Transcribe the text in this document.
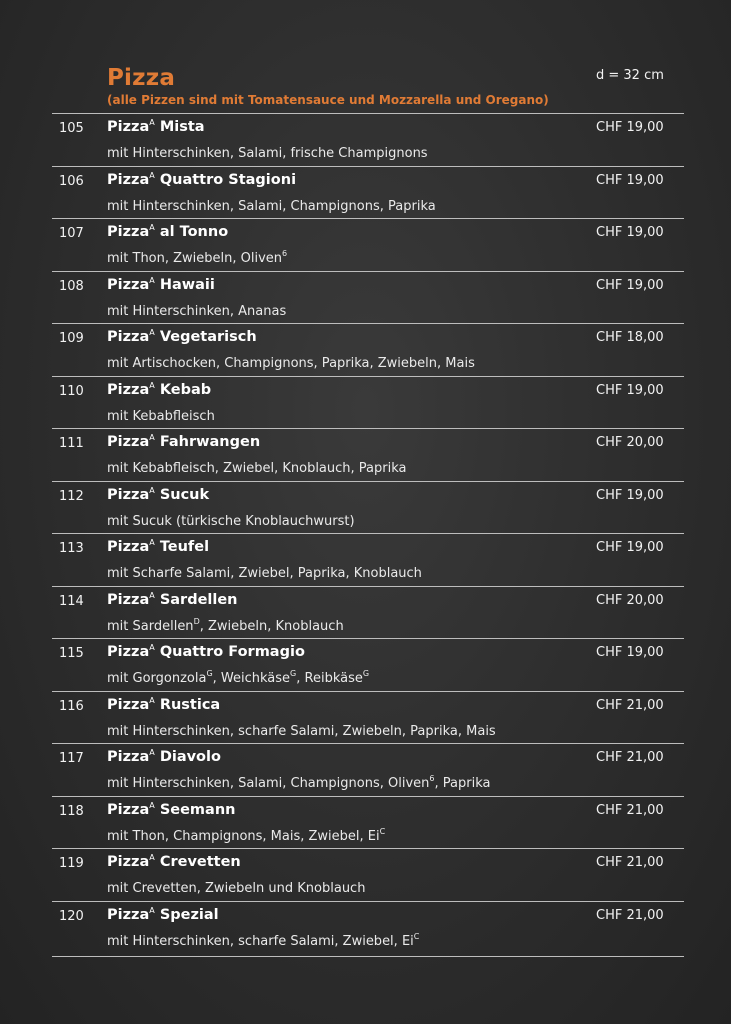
Pizza
(alle Pizzen sind mit Tomatensauce und Mozzarella und Oregano)
d = 32 cm
105 Pizza$^A$ Mista
mit Hinterschinken, Salami, frische Champignons
CHF 19,00
106 Pizza$^A$ Quattro Stagioni
mit Hinterschinken, Salami, Champignons, Paprika
CHF 19,00
107 Pizza$^A$ al Tonno
mit Thon, Zwiebeln, Oliven$^6$
CHF 19,00
108 Pizza$^A$ Hawaii
mit Hinterschinken, Ananas
CHF 19,00
109 Pizza$^A$ Vegetarisch
mit Artischocken, Champignons, Paprika, Zwiebeln, Mais
CHF 18,00
110 Pizza$^A$ Kebab
mit Kebabfleisch
CHF 19,00
111 Pizza$^A$ Fahrwangen
mit Kebabfleisch, Zwiebel, Knoblauch, Paprika
CHF 20,00
112 Pizza$^A$ Sucuk
mit Sucuk (türkische Knoblauchwurst)
CHF 19,00
113 Pizza$^A$ Teufel
mit Scharfe Salami, Zwiebel, Paprika, Knoblauch
CHF 19,00
114 Pizza$^A$ Sardellen
mit Sardellen$^D$, Zwiebeln, Knoblauch
CHF 20,00
115 Pizza$^A$ Quattro Formagio
mit Gorgonzola$^G$, Weichkäse$^G$, Reibkäse$^G$
CHF 19,00
116 Pizza$^A$ Rustica
mit Hinterschinken, scharfe Salami, Zwiebeln, Paprika, Mais
CHF 21,00
117 Pizza$^A$ Diavolo
mit Hinterschinken, Salami, Champignons, Oliven$^6$, Paprika
CHF 21,00
118 Pizza$^A$ Seemann
mit Thon, Champignons, Mais, Zwiebel, $Ei^C$
CHF 21,00
119 Pizza$^A$ Crevetten
mit Crevetten, Zwiebeln und Knoblauch
CHF 21,00
120 Pizza$^A$ Spezial
mit Hinterschinken, scharfe Salami, Zwiebel, $Ei^C$
CHF 21,00
